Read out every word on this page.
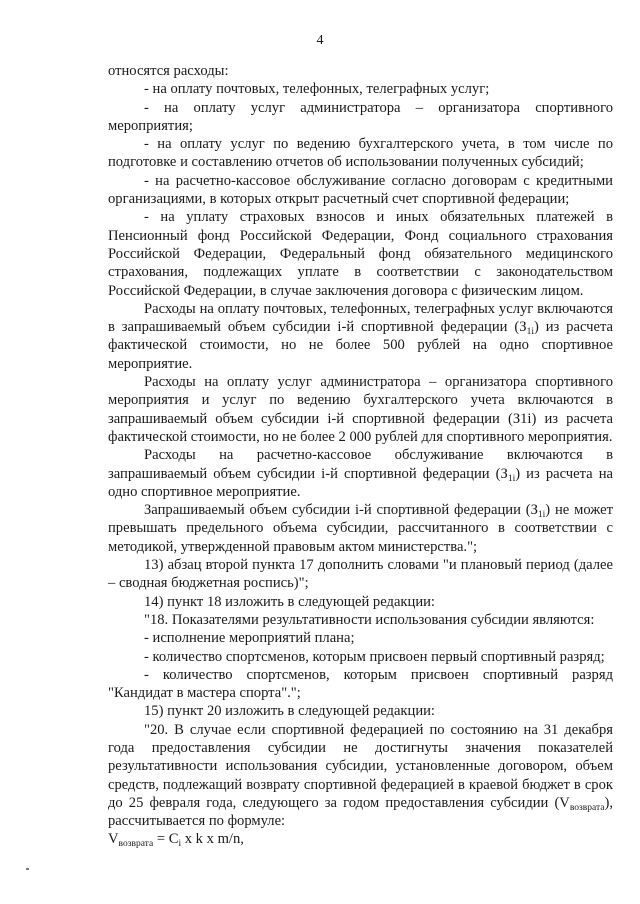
4

относятся расходы:

- на оплату почтовых, телефонных, телеграфных услуг;

- на оплату услуг администратора – организатора спортивного мероприятия;

- на оплату услуг по ведению бухгалтерского учета, в том числе по подготовке и составлению отчетов об использовании полученных субсидий;

- на расчетно-кассовое обслуживание согласно договорам с кредитными организациями, в которых открыт расчетный счет спортивной федерации;

- на уплату страховых взносов и иных обязательных платежей в Пенсионный фонд Российской Федерации, Фонд социального страхования Российской Федерации, Федеральный фонд обязательного медицинского страхования, подлежащих уплате в соответствии с законодательством Российской Федерации, в случае заключения договора с физическим лицом.

Расходы на оплату почтовых, телефонных, телеграфных услуг включаются в запрашиваемый объем субсидии i-й спортивной федерации $(З_{1i})$ из расчета фактической стоимости, но не более 500 рублей на одно спортивное мероприятие.

Расходы на оплату услуг администратора – организатора спортивного мероприятия и услуг по ведению бухгалтерского учета включаются в запрашиваемый объем субсидии i-й спортивной федерации (З1i) из расчета фактической стоимости, но не более 2 000 рублей для спортивного мероприятия.

Расходы на расчетно-кассовое обслуживание включаются в запрашиваемый объем субсидии i-й спортивной федерации $(З_{1i})$ из расчета на одно спортивное мероприятие.

Запрашиваемый объем субсидии i-й спортивной федерации $(З_{1i})$ не может превышать предельного объема субсидии, рассчитанного в соответствии с методикой, утвержденной правовым актом министерства.";

13) абзац второй пункта 17 дополнить словами "и плановый период (далее – сводная бюджетная роспись)";

14) пункт 18 изложить в следующей редакции:

"18. Показателями результативности использования субсидии являются:

- исполнение мероприятий плана;

- количество спортсменов, которым присвоен первый спортивный разряд;

- количество спортсменов, которым присвоен спортивный разряд "Кандидат в мастера спорта".";

15) пункт 20 изложить в следующей редакции:

"20. В случае если спортивной федерацией по состоянию на 31 декабря года предоставления субсидии не достигнуты значения показателей результативности использования субсидии, установленные договором, объем средств, подлежащий возврату спортивной федерацией в краевой бюджет в срок до 25 февраля года, следующего за годом предоставления субсидии $(V_{возврата})$, рассчитывается по формуле:

$V_{возврата} = C_i$ x k x m/n,
